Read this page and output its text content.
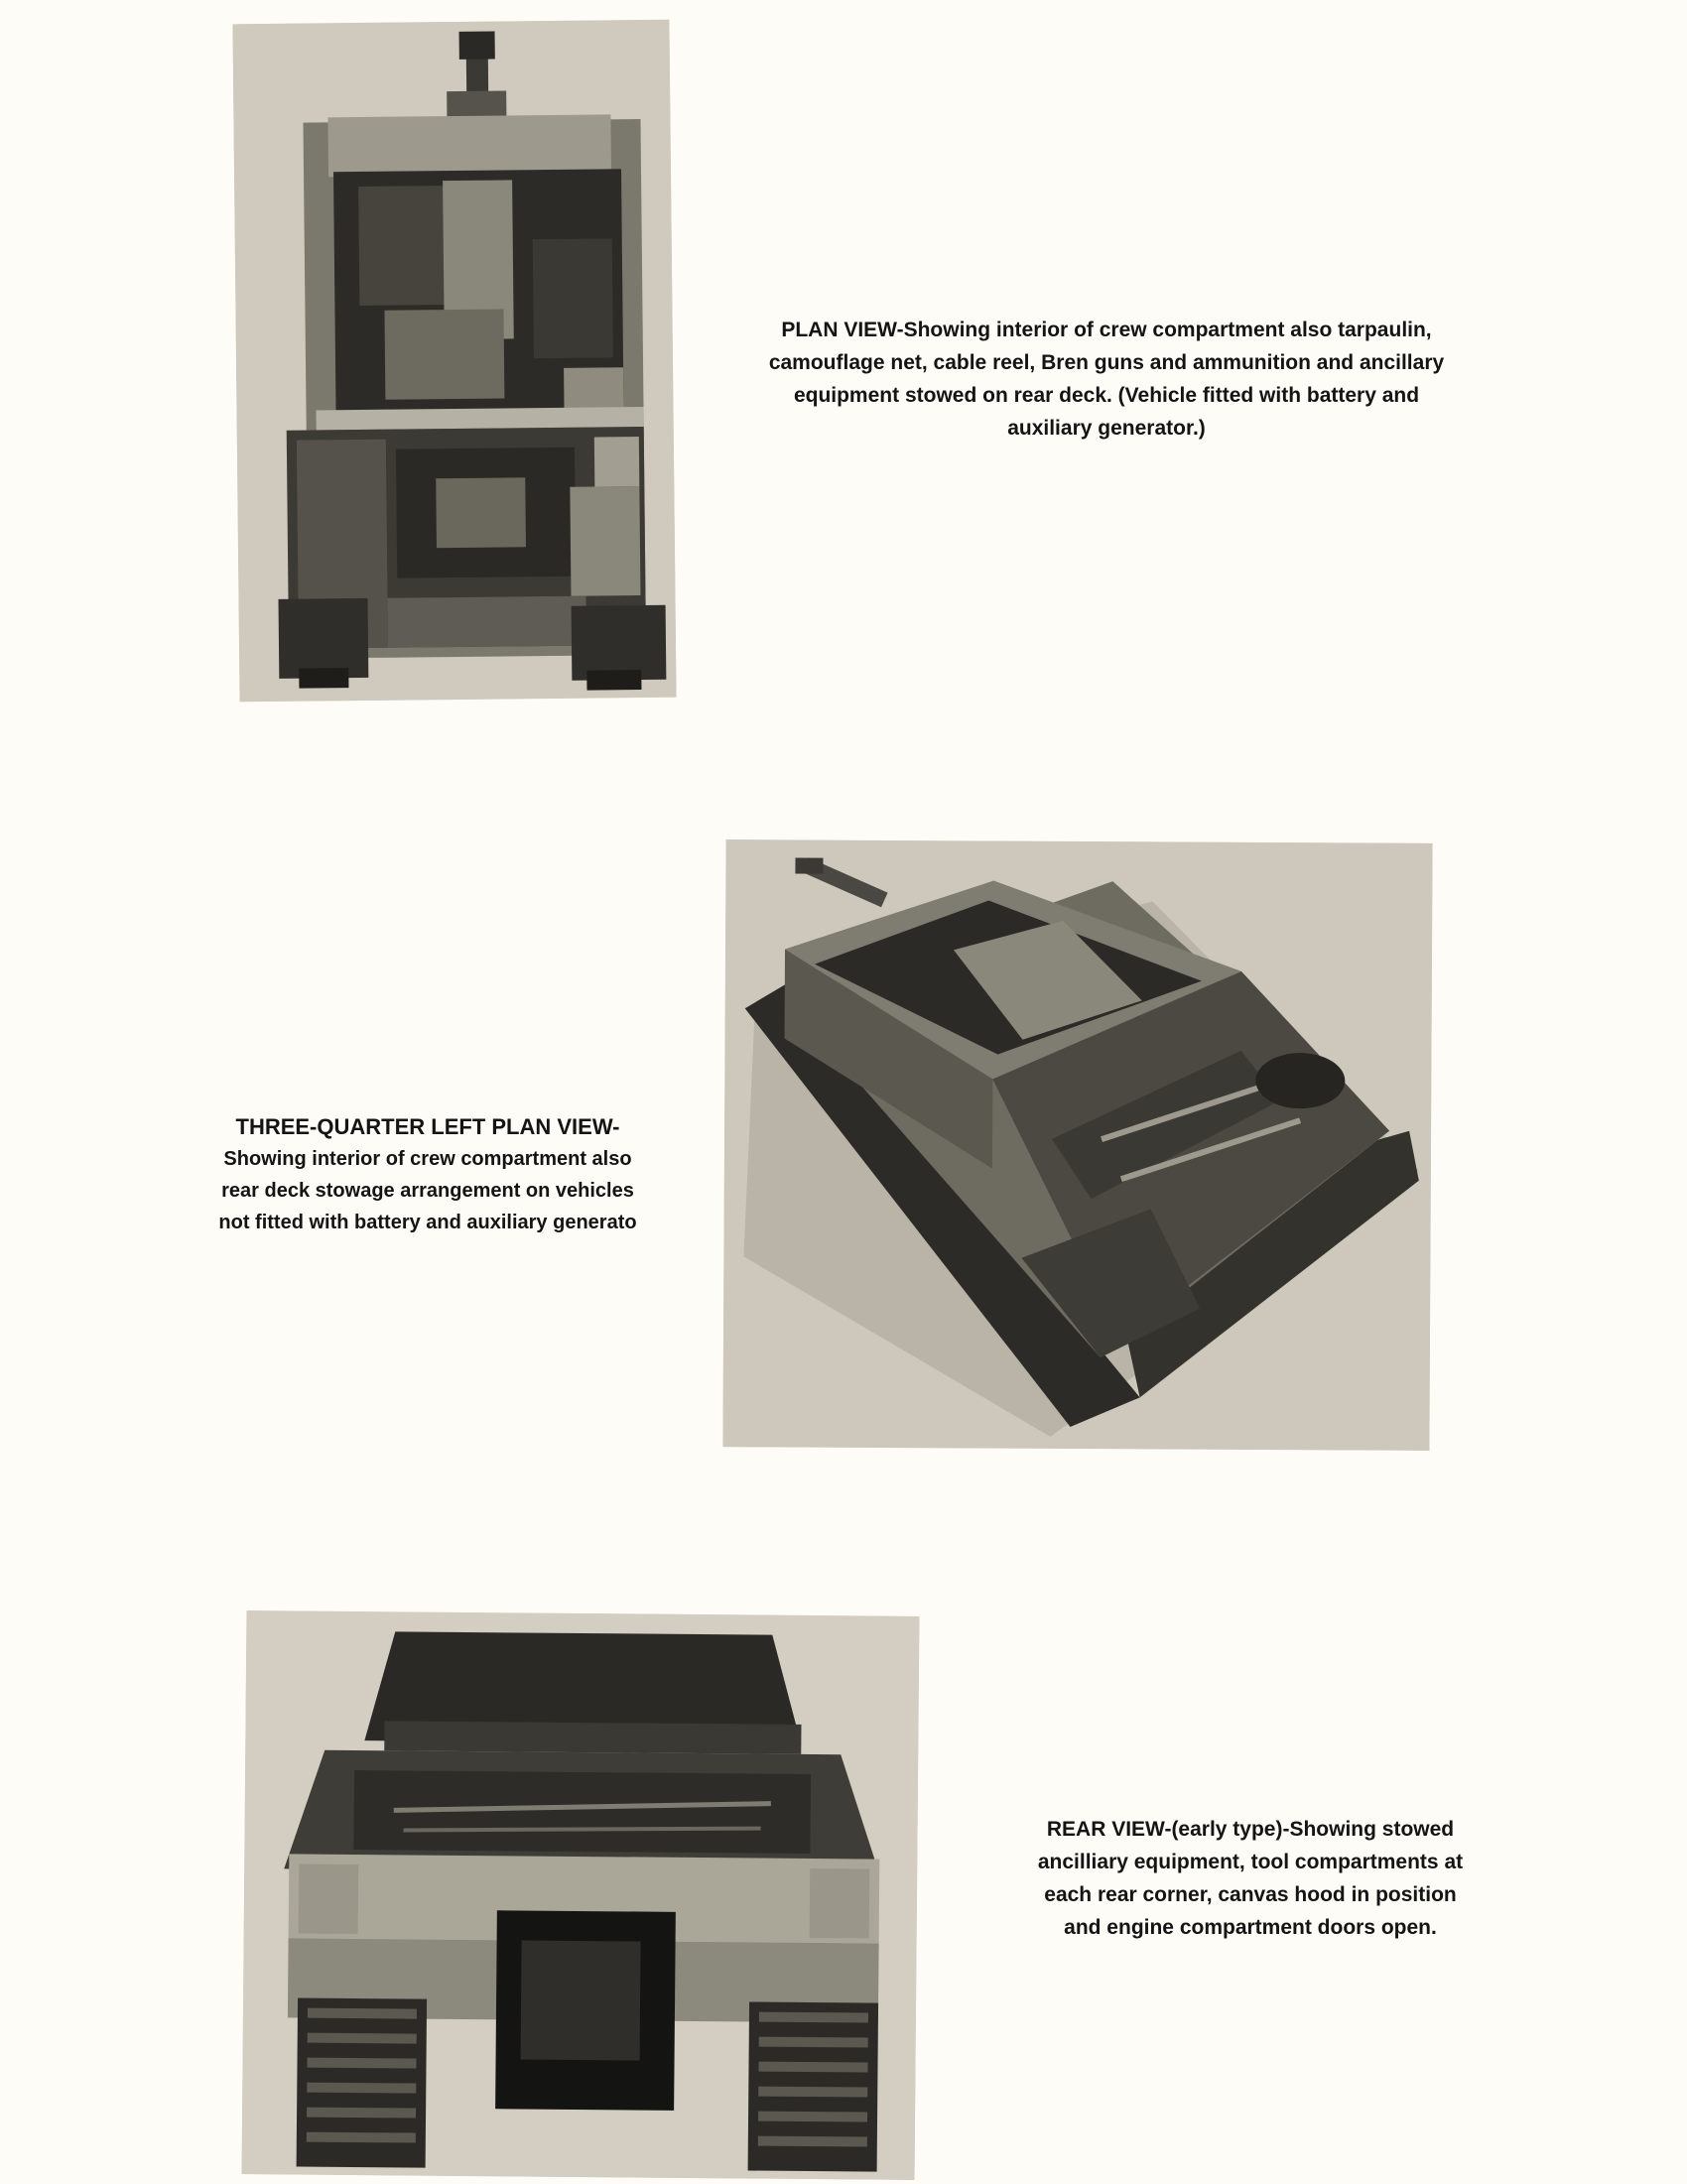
PLAN VIEW-Showing interior of crew compartment also tarpaulin,

camouflage net, cable reel, Bren guns and ammunition and ancillary

equipment stowed on rear deck. (Vehicle fitted with battery and

auxiliary generator.)

THREE-QUARTER LEFT PLAN VIEW-

Showing interior of crew compartment also

rear deck stowage arrangement on vehicles

not fitted with battery and auxiliary generato

REAR VIEW-(early type)-Showing stowed

ancilliary equipment, tool compartments at

each rear corner, canvas hood in position

and engine compartment doors open.
